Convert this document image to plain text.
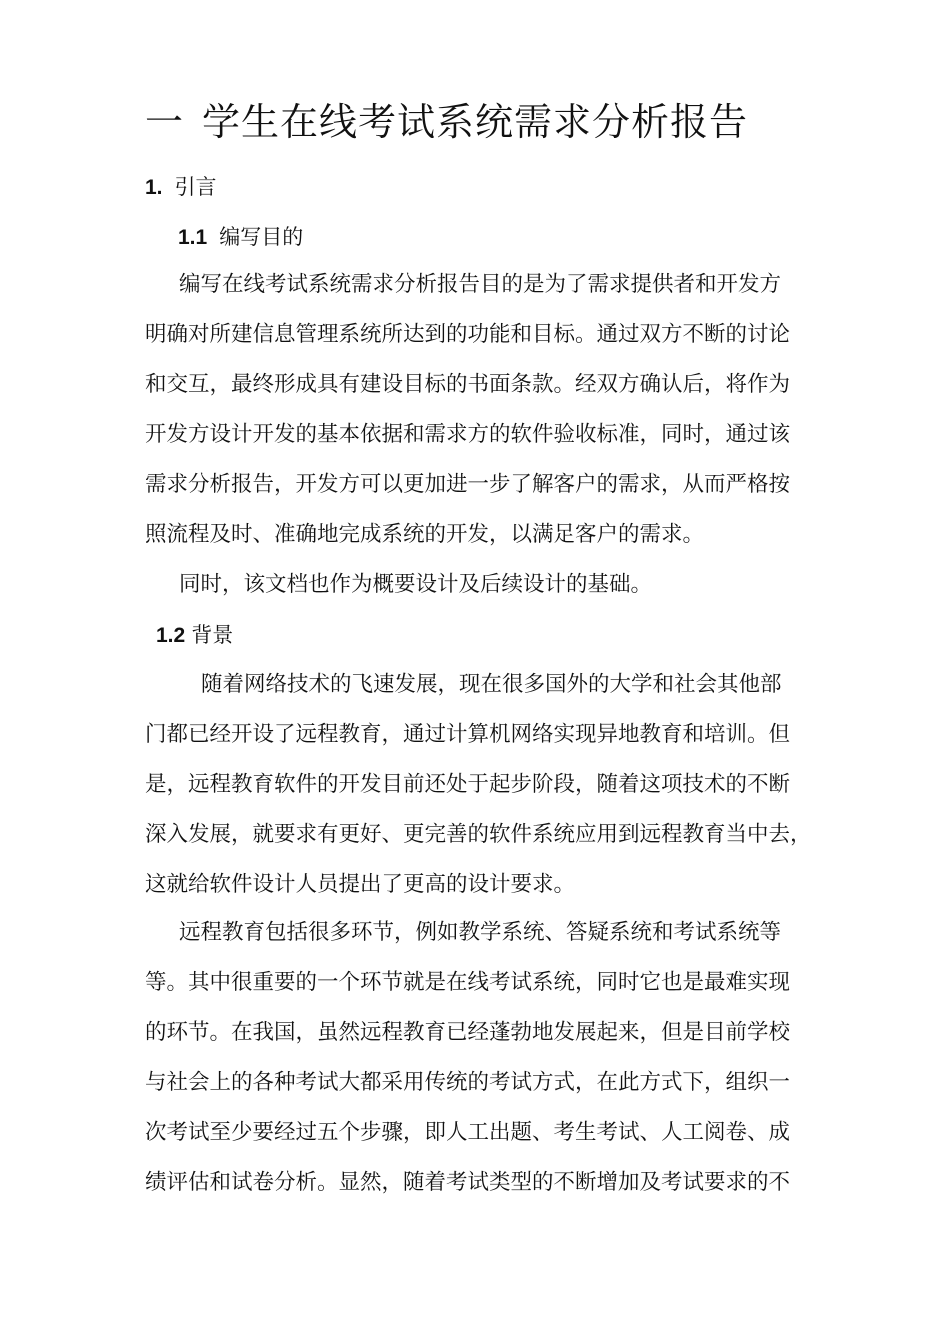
一 学生在线考试系统需求分析报告
1. 引言
1.1 编写目的
编写在线考试系统需求分析报告目的是为了需求提供者和开发方
明确对所建信息管理系统所达到的功能和目标。通过双方不断的讨论
和交互，最终形成具有建设目标的书面条款。经双方确认后，将作为
开发方设计开发的基本依据和需求方的软件验收标准，同时，通过该
需求分析报告，开发方可以更加进一步了解客户的需求，从而严格按
照流程及时、准确地完成系统的开发，以满足客户的需求。
同时，该文档也作为概要设计及后续设计的基础。
1.2 背景
随着网络技术的飞速发展，现在很多国外的大学和社会其他部
门都已经开设了远程教育，通过计算机网络实现异地教育和培训。但
是，远程教育软件的开发目前还处于起步阶段，随着这项技术的不断
深入发展，就要求有更好、更完善的软件系统应用到远程教育当中去，
这就给软件设计人员提出了更高的设计要求。
远程教育包括很多环节，例如教学系统、答疑系统和考试系统等
等。其中很重要的一个环节就是在线考试系统，同时它也是最难实现
的环节。在我国，虽然远程教育已经蓬勃地发展起来，但是目前学校
与社会上的各种考试大都采用传统的考试方式，在此方式下，组织一
次考试至少要经过五个步骤，即人工出题、考生考试、人工阅卷、成
绩评估和试卷分析。显然，随着考试类型的不断增加及考试要求的不
